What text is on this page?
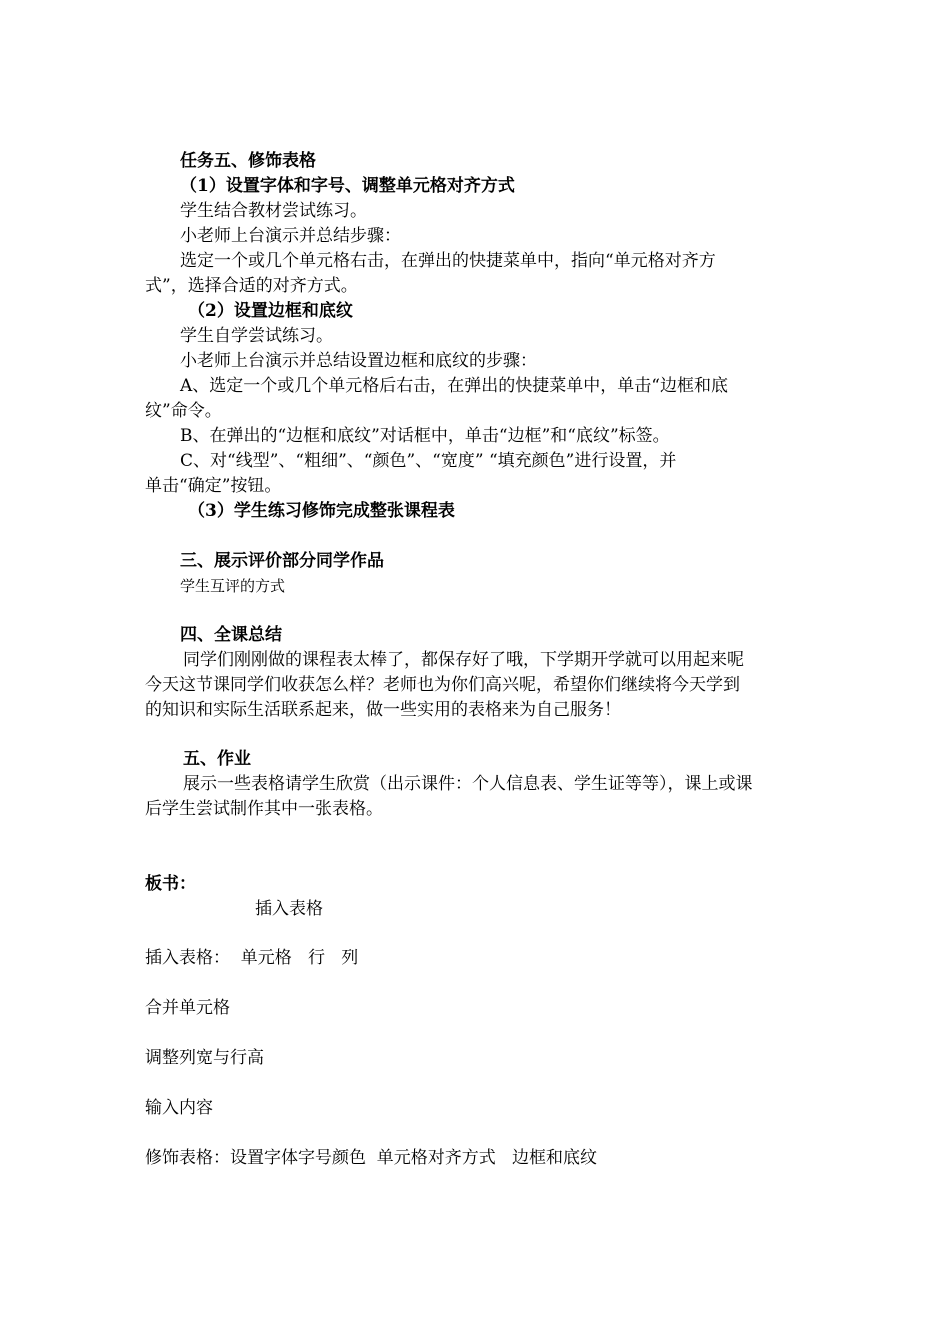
任务五、修饰表格
（1）设置字体和字号、调整单元格对齐方式
学生结合教材尝试练习。
小老师上台演示并总结步骤：
选定一个或几个单元格右击，在弹出的快捷菜单中，指向“单元格对齐方
式”，选择合适的对齐方式。
（2）设置边框和底纹
学生自学尝试练习。
小老师上台演示并总结设置边框和底纹的步骤：
A、选定一个或几个单元格后右击，在弹出的快捷菜单中，单击“边框和底
纹”命令。
B、在弹出的“边框和底纹”对话框中，单击“边框”和“底纹”标签。
C、对“线型”、“粗细”、“颜色”、“宽度” “填充颜色”进行设置，并
单击“确定”按钮。
（3）学生练习修饰完成整张课程表
三、展示评价部分同学作品
学生互评的方式
四、全课总结
同学们刚刚做的课程表太棒了，都保存好了哦，下学期开学就可以用起来呢
今天这节课同学们收获怎么样？老师也为你们高兴呢，希望你们继续将今天学到
的知识和实际生活联系起来，做一些实用的表格来为自己服务！
五、作业
展示一些表格请学生欣赏（出示课件：个人信息表、学生证等等），课上或课
后学生尝试制作其中一张表格。
板书：
插入表格
插入表格：  单元格   行   列
合并单元格
调整列宽与行高
输入内容
修饰表格：设置字体字号颜色  单元格对齐方式   边框和底纹
